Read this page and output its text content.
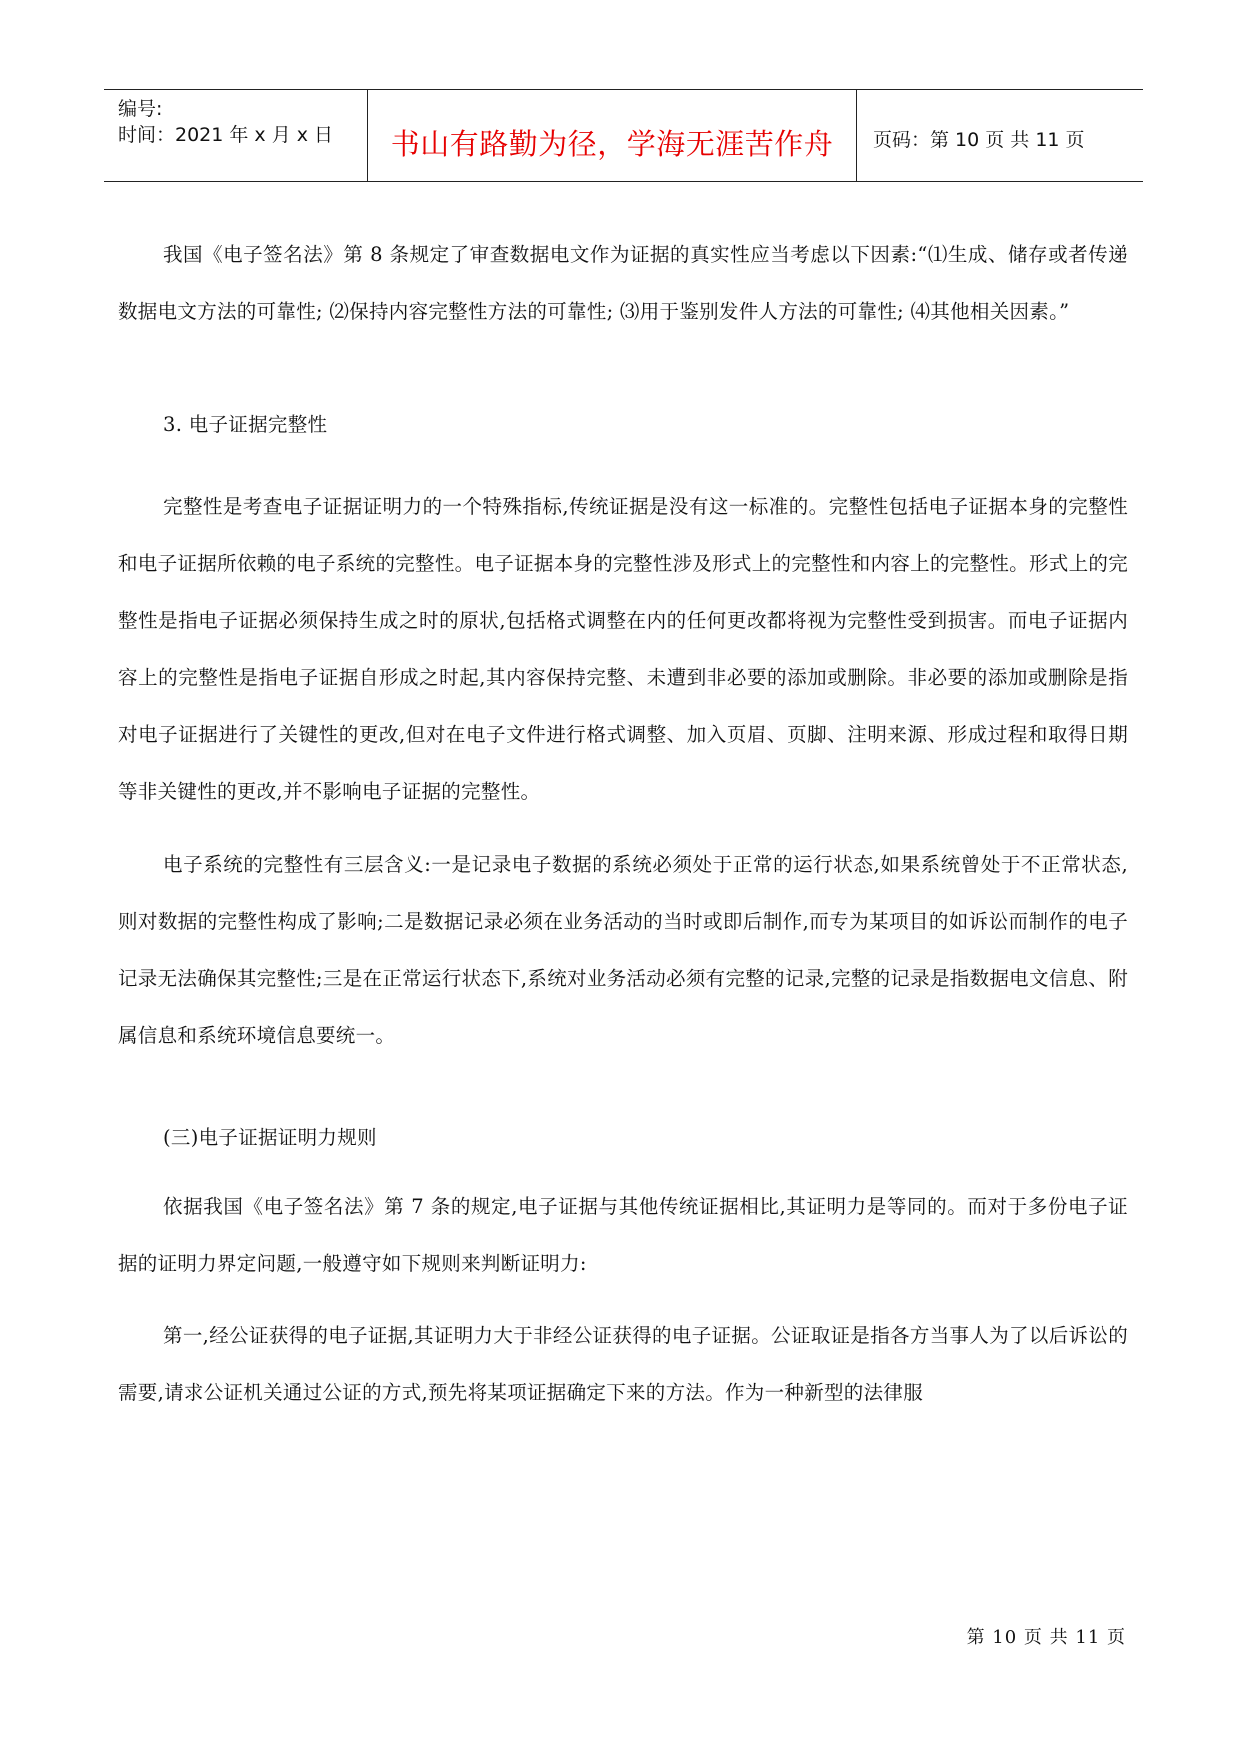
编号:
时间：2021 年 x 月 x 日	书山有路勤为径，学海无涯苦作舟	页码：第 10 页 共 11 页
我国《电子签名法》第 8 条规定了审查数据电文作为证据的真实性应当考虑以下因素:“⑴生成、储存或者传递数据电文方法的可靠性; ⑵保持内容完整性方法的可靠性; ⑶用于鉴别发件人方法的可靠性; ⑷其他相关因素。”
3. 电子证据完整性
完整性是考查电子证据证明力的一个特殊指标,传统证据是没有这一标准的。完整性包括电子证据本身的完整性和电子证据所依赖的电子系统的完整性。电子证据本身的完整性涉及形式上的完整性和内容上的完整性。形式上的完整性是指电子证据必须保持生成之时的原状,包括格式调整在内的任何更改都将视为完整性受到损害。而电子证据内容上的完整性是指电子证据自形成之时起,其内容保持完整、未遭到非必要的添加或删除。非必要的添加或删除是指对电子证据进行了关键性的更改,但对在电子文件进行格式调整、加入页眉、页脚、注明来源、形成过程和取得日期等非关键性的更改,并不影响电子证据的完整性。
电子系统的完整性有三层含义:一是记录电子数据的系统必须处于正常的运行状态,如果系统曾处于不正常状态,则对数据的完整性构成了影响;二是数据记录必须在业务活动的当时或即后制作,而专为某项目的如诉讼而制作的电子记录无法确保其完整性;三是在正常运行状态下,系统对业务活动必须有完整的记录,完整的记录是指数据电文信息、附属信息和系统环境信息要统一。
(三)电子证据证明力规则
依据我国《电子签名法》第 7 条的规定,电子证据与其他传统证据相比,其证明力是等同的。而对于多份电子证据的证明力界定问题,一般遵守如下规则来判断证明力:
第一,经公证获得的电子证据,其证明力大于非经公证获得的电子证据。公证取证是指各方当事人为了以后诉讼的需要,请求公证机关通过公证的方式,预先将某项证据确定下来的方法。作为一种新型的法律服
第 10 页 共 11 页
